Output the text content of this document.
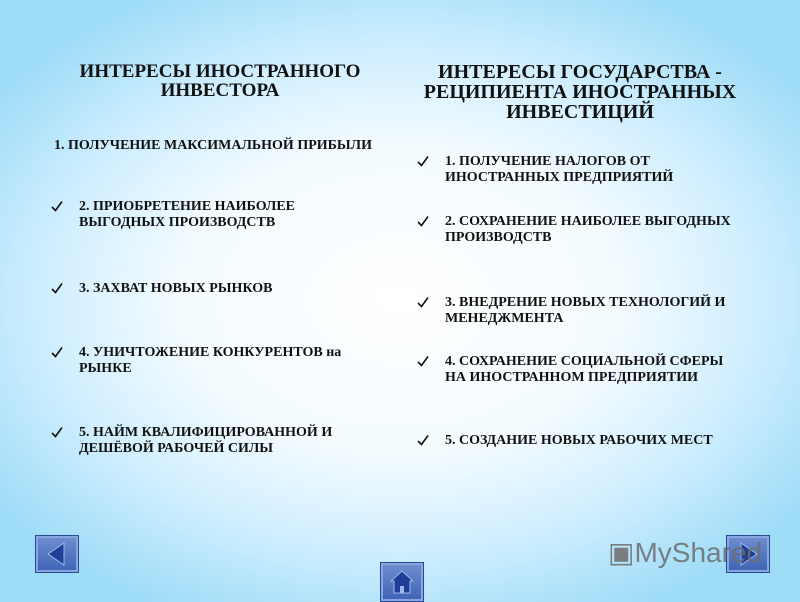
ИНТЕРЕСЫ ИНОСТРАННОГО ИНВЕСТОРА
1. ПОЛУЧЕНИЕ МАКСИМАЛЬНОЙ ПРИБЫЛИ
2. ПРИОБРЕТЕНИЕ НАИБОЛЕЕ ВЫГОДНЫХ ПРОИЗВОДСТВ
3. ЗАХВАТ НОВЫХ РЫНКОВ
4. УНИЧТОЖЕНИЕ КОНКУРЕНТОВ на РЫНКЕ
5. НАЙМ КВАЛИФИЦИРОВАННОЙ И ДЕШЁВОЙ РАБОЧЕЙ СИЛЫ
ИНТЕРЕСЫ ГОСУДАРСТВА - РЕЦИПИЕНТА ИНОСТРАННЫХ ИНВЕСТИЦИЙ
1. ПОЛУЧЕНИЕ НАЛОГОВ ОТ ИНОСТРАННЫХ ПРЕДПРИЯТИЙ
2. СОХРАНЕНИЕ НАИБОЛЕЕ ВЫГОДНЫХ ПРОИЗВОДСТВ
3. ВНЕДРЕНИЕ НОВЫХ ТЕХНОЛОГИЙ И МЕНЕДЖМЕНТА
4. СОХРАНЕНИЕ СОЦИАЛЬНОЙ СФЕРЫ НА ИНОСТРАННОМ ПРЕДПРИЯТИИ
5. СОЗДАНИЕ НОВЫХ РАБОЧИХ МЕСТ
▣MyShared
